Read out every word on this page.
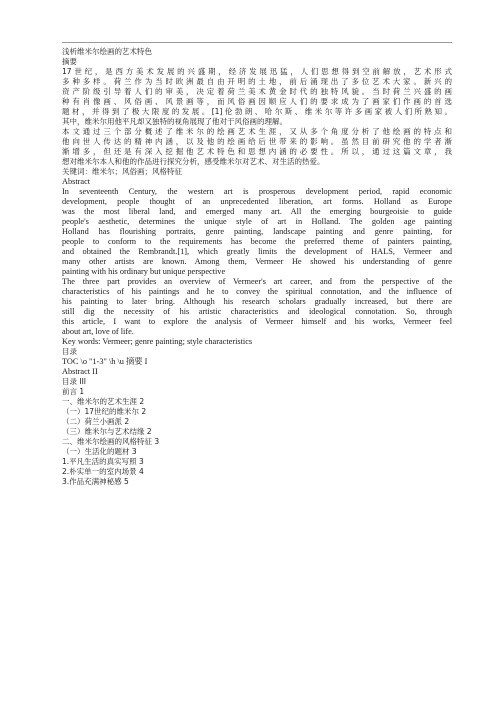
浅析维米尔绘画的艺术特色
摘要
17世纪，是西方美术发展的兴盛期，经济发展迅猛，人们思想得到空前解放，艺术形式
多种多样。荷兰作为当时欧洲最自由开明的土地，前后涌现出了多位艺术大家。新兴的
资产阶级引导着人们的审美，决定着荷兰美术黄金时代的独特风貌。当时荷兰兴盛的画
种有肖像画、风俗画、风景画等，而风俗画因顺应人们的要求成为了画家们作画的首选
题材，并得到了极大限度的发展。[1]伦勃朗、哈尔斯、维米尔等许多画家被人们所熟知。
其中，维米尔用他平凡却又独特的视角展现了他对于风俗画的理解。
本文通过三个部分概述了维米尔的绘画艺术生涯，又从多个角度分析了他绘画的特点和
他向世人传达的精神内涵，以及他的绘画给后世带来的影响。虽然目前研究他的学者渐
渐增多，但还是有深入挖掘他艺术特色和思想内涵的必要性。所以，通过这篇文章，我
想对维米尔本人和他的作品进行探究分析，感受维米尔对艺术、对生活的热爱。
关键词：维米尔；风俗画；风格特征
Abstract
In seventeenth Century, the western art is prosperous development period, rapid economic
development, people thought of an unprecedented liberation, art forms. Holland as Europe
was the most liberal land, and emerged many art. All the emerging bourgeoisie to guide
people's aesthetic, determines the unique style of art in Holland. The golden age painting
Holland has flourishing portraits, genre painting, landscape painting and genre painting, for
people to conform to the requirements has become the preferred theme of painters painting,
and obtained the Rembrandt.[1], which greatly limits the development of HALS, Vermeer and
many other artists are known. Among them, Vermeer He showed his understanding of genre
painting with his ordinary but unique perspective
The three part provides an overview of Vermeer's art career, and from the perspective of the
characteristics of his paintings and he to convey the spiritual connotation, and the influence of
his painting to later bring. Although his research scholars gradually increased, but there are
still dig the necessity of his artistic characteristics and ideological connotation. So, through
this article, I want to explore the analysis of Vermeer himself and his works, Vermeer feel
about art, love of life.
Key words: Vermeer; genre painting; style characteristics
目录
TOC \o "1-3" \h \u 摘要 I
Abstract II
目录 III
前言 1
一、维米尔的艺术生涯 2
（一）17世纪的维米尔 2
（二）荷兰小画派 2
（三）维米尔与艺术结缘 2
二、维米尔绘画的风格特征 3
（一）生活化的题材 3
1.平凡生活的真实写照 3
2.朴实单一的室内场景 4
3.作品充满神秘感 5
